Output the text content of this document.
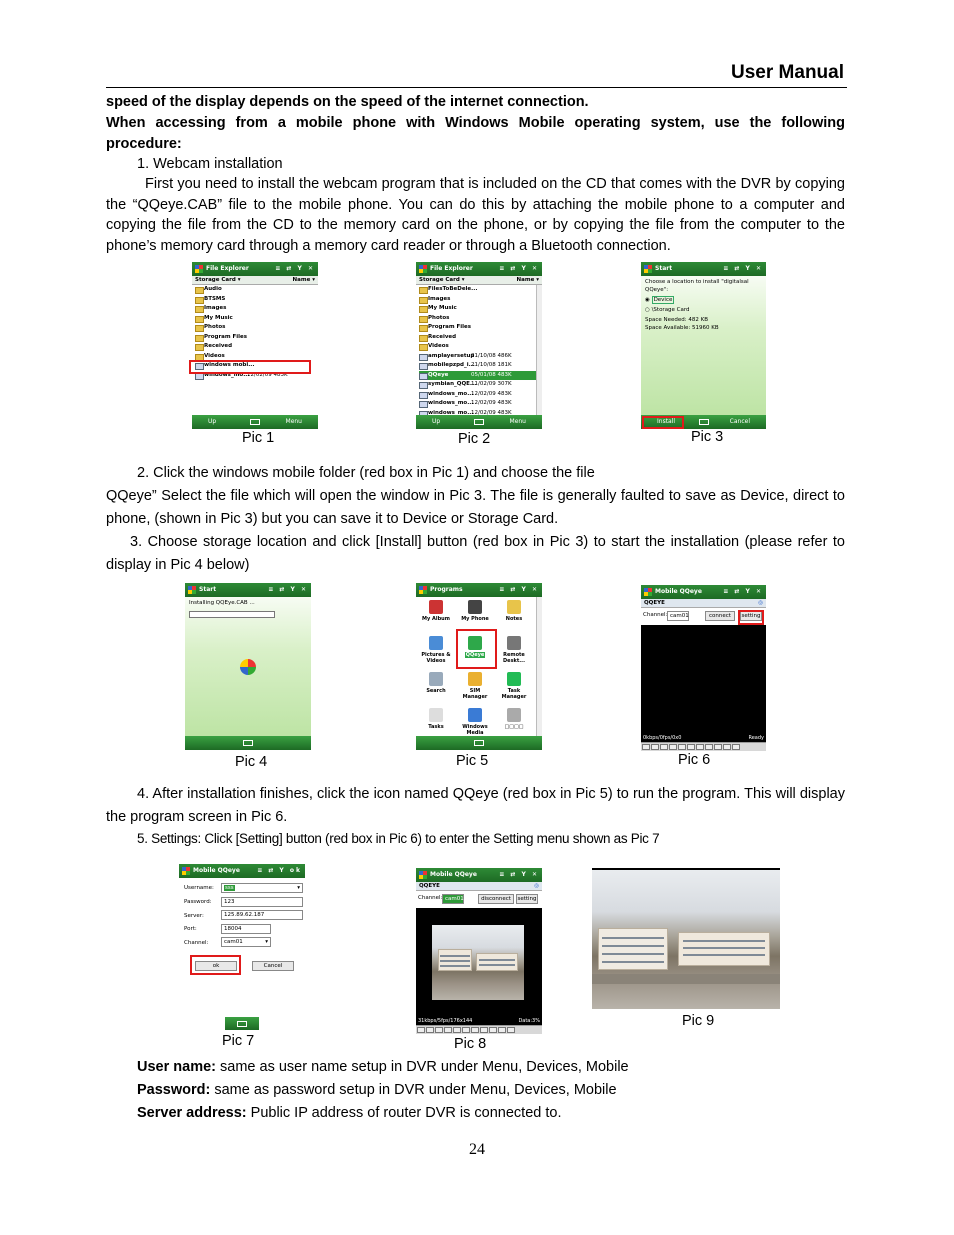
User Manual
speed of the display depends on the speed of the internet connection.
When accessing from a mobile phone with Windows Mobile operating system, use the following procedure:
1. Webcam installation
First you need to install the webcam program that is included on the CD that comes with the DVR by copying the “QQeye.CAB” file to the mobile phone. You can do this by attaching the mobile phone to a computer and copying the file from the CD to the memory card on the phone, or by copying the file from the computer to the phone’s memory card through a memory card reader or through a Bluetooth connection.
File Explorer	≡ ⇄ Y ✕
Storage Card ▾	Name ▾
Audio
BTSMS
Images
My Music
Photos
Program Files
Received
Videos
windows mobi...
windows_mo...
12/02/09 483K
Up	Menu
Pic 1
File Explorer	≡ ⇄ Y ✕
Storage Card ▾	Name ▾
FilesToBeDele...
Images
My Music
Photos
Program Files
Received
Videos
amplayersetup
21/10/08 486K
mobilepzpd_i...
21/10/08 181K
QQeye	05/01/08 483K
symbian_QQE...
11/02/09 307K
windows_mo...
12/02/09 483K
windows_mo...
12/02/09 483K
windows_mo...
12/02/09 483K
Up	Menu
Pic 2
Start	≡ ⇄ Y ✕
Choose a location to install "digitalsal QQeye":
◉ Device
○ \Storage Card
Space Needed: 482 KB
Space Available: 51960 KB
Install	Cancel
Pic 3
2. Click the windows mobile folder (red box in Pic 1) and choose the file
QQeye” Select the file which will open the window in Pic 3. The file is generally faulted to save as Device, direct to phone, (shown in Pic 3) but you can save it to Device or Storage Card.
3. Choose storage location and click [Install] button (red box in Pic 3) to start the installation (please refer to display in Pic 4 below)
Start	≡ ⇄ Y ✕
Installing QQEye.CAB ...
Pic 4
Programs	≡ ⇄ Y ✕
My Album	My Phone	Notes
Pictures & Videos
QQeye	Remote Deskt...
Search	SIM Manager
Task Manager
Tasks	Windows Media
□□□□
Pic 5
Mobile QQeye	≡ ⇄ Y ✕
QQEYE	◎
Channel: cam01	connect	setting
0kbps/0fps/0x0	Ready
Pic 6
4. After installation finishes, click the icon named QQeye (red box in Pic 5) to run the program. This will display the program screen in Pic 6.
5. Settings: Click [Setting] button (red box in Pic 6) to enter the Setting menu shown as Pic 7
Mobile QQeye	≡ ⇄ Y ok
Username:	sss	▾
Password:	123
Server:	125.89.62.187
Port:	18004
Channel:	cam01	▾
ok	Cancel
Pic 7
Mobile QQeye	≡ ⇄ Y ✕
QQEYE	◎
Channel: cam01	disconnect	setting
31kbps/5fps/176x144	Data:3%
Pic 8
Pic 9
User name: same as user name setup in DVR under Menu, Devices, Mobile
Password: same as password setup in DVR under Menu, Devices, Mobile
Server address: Public IP address of router DVR is connected to.
24
